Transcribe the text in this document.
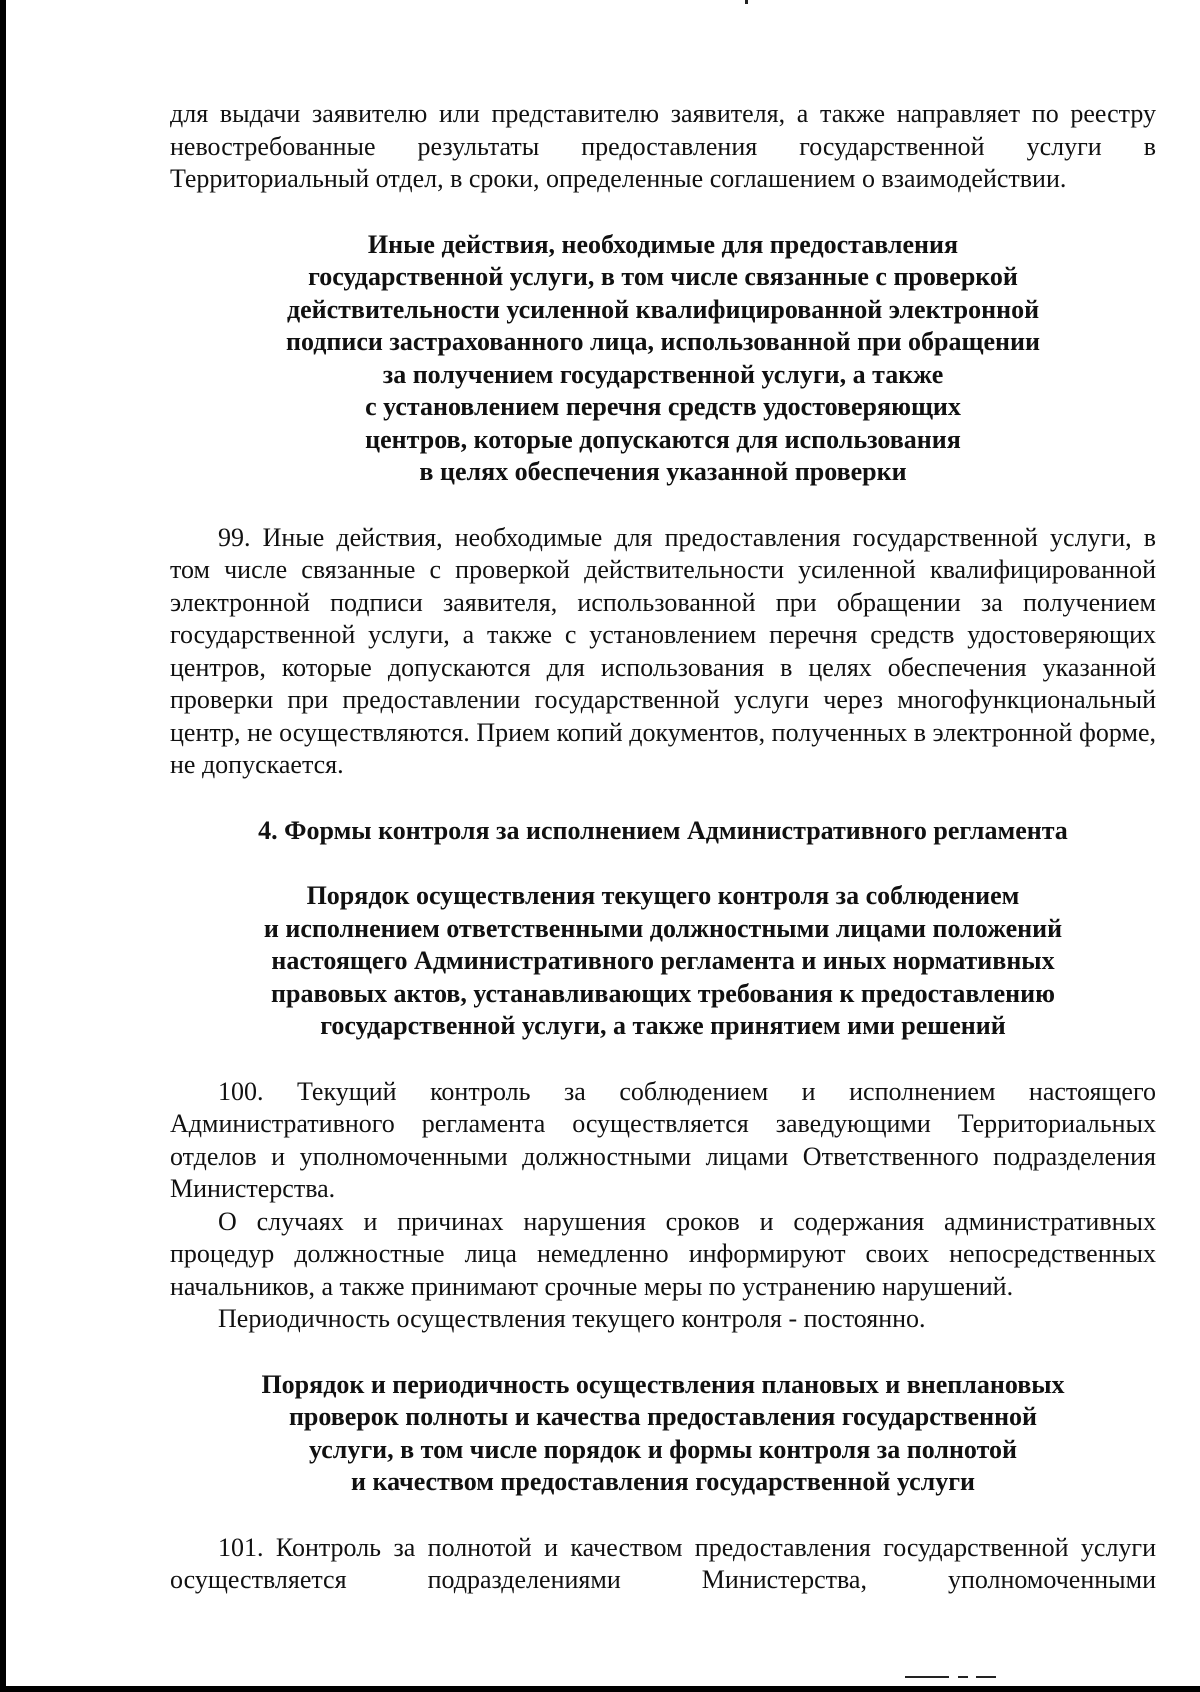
для выдачи заявителю или представителю заявителя, а также направляет по реестру невостребованные результаты предоставления государственной услуги в Территориальный отдел, в сроки, определенные соглашением о взаимодействии.

Иные действия, необходимые для предоставления
государственной услуги, в том числе связанные с проверкой
действительности усиленной квалифицированной электронной
подписи застрахованного лица, использованной при обращении
за получением государственной услуги, а также
с установлением перечня средств удостоверяющих
центров, которые допускаются для использования
в целях обеспечения указанной проверки

99. Иные действия, необходимые для предоставления государственной услуги, в том числе связанные с проверкой действительности усиленной квалифицированной электронной подписи заявителя, использованной при обращении за получением государственной услуги, а также с установлением перечня средств удостоверяющих центров, которые допускаются для использования в целях обеспечения указанной проверки при предоставлении государственной услуги через многофункциональный центр, не осуществляются. Прием копий документов, полученных в электронной форме, не допускается.

4. Формы контроля за исполнением Административного регламента
Порядок осуществления текущего контроля за соблюдением
и исполнением ответственными должностными лицами положений
настоящего Административного регламента и иных нормативных
правовых актов, устанавливающих требования к предоставлению
государственной услуги, а также принятием ими решений

100. Текущий контроль за соблюдением и исполнением настоящего Административного регламента осуществляется заведующими Территориальных отделов и уполномоченными должностными лицами Ответственного подразделения Министерства.

О случаях и причинах нарушения сроков и содержания административных процедур должностные лица немедленно информируют своих непосредственных начальников, а также принимают срочные меры по устранению нарушений.

Периодичность осуществления текущего контроля - постоянно.

Порядок и периодичность осуществления плановых и внеплановых
проверок полноты и качества предоставления государственной
услуги, в том числе порядок и формы контроля за полнотой
и качеством предоставления государственной услуги

101. Контроль за полнотой и качеством предоставления государственной услуги осуществляется подразделениями Министерства, уполномоченными
